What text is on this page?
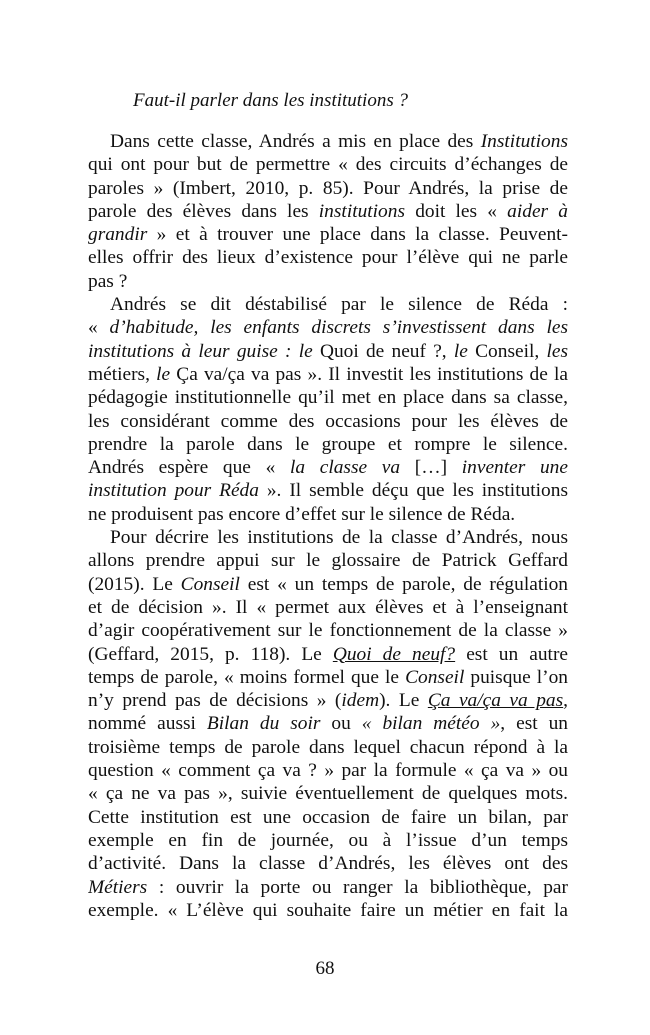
Faut-il parler dans les institutions ?
Dans cette classe, Andrés a mis en place des Institutions
qui ont pour but de permettre « des circuits d’échanges de
paroles » (Imbert, 2010, p. 85). Pour Andrés, la prise de
parole des élèves dans les institutions doit les « aider à
grandir » et à trouver une place dans la classe. Peuvent-
elles offrir des lieux d’existence pour l’élève qui ne parle
pas ?
Andrés se dit déstabilisé par le silence de Réda :
« d’habitude, les enfants discrets s’investissent dans les
institutions à leur guise : le Quoi de neuf ?, le Conseil, les
métiers, le Ça va/ça va pas ». Il investit les institutions de la
pédagogie institutionnelle qu’il met en place dans sa classe,
les considérant comme des occasions pour les élèves de
prendre la parole dans le groupe et rompre le silence.
Andrés espère que « la classe va […] inventer une
institution pour Réda ». Il semble déçu que les institutions
ne produisent pas encore d’effet sur le silence de Réda.
Pour décrire les institutions de la classe d’Andrés, nous
allons prendre appui sur le glossaire de Patrick Geffard
(2015). Le Conseil est « un temps de parole, de régulation
et de décision ». Il « permet aux élèves et à l’enseignant
d’agir coopérativement sur le fonctionnement de la classe »
(Geffard, 2015, p. 118). Le Quoi de neuf? est un autre
temps de parole, « moins formel que le Conseil puisque l’on
n’y prend pas de décisions » (idem). Le Ça va/ça va pas,
nommé aussi Bilan du soir ou « bilan météo », est un
troisième temps de parole dans lequel chacun répond à la
question « comment ça va ? » par la formule « ça va » ou
« ça ne va pas », suivie éventuellement de quelques mots.
Cette institution est une occasion de faire un bilan, par
exemple en fin de journée, ou à l’issue d’un temps
d’activité. Dans la classe d’Andrés, les élèves ont des
Métiers : ouvrir la porte ou ranger la bibliothèque, par
exemple. « L’élève qui souhaite faire un métier en fait la
68
